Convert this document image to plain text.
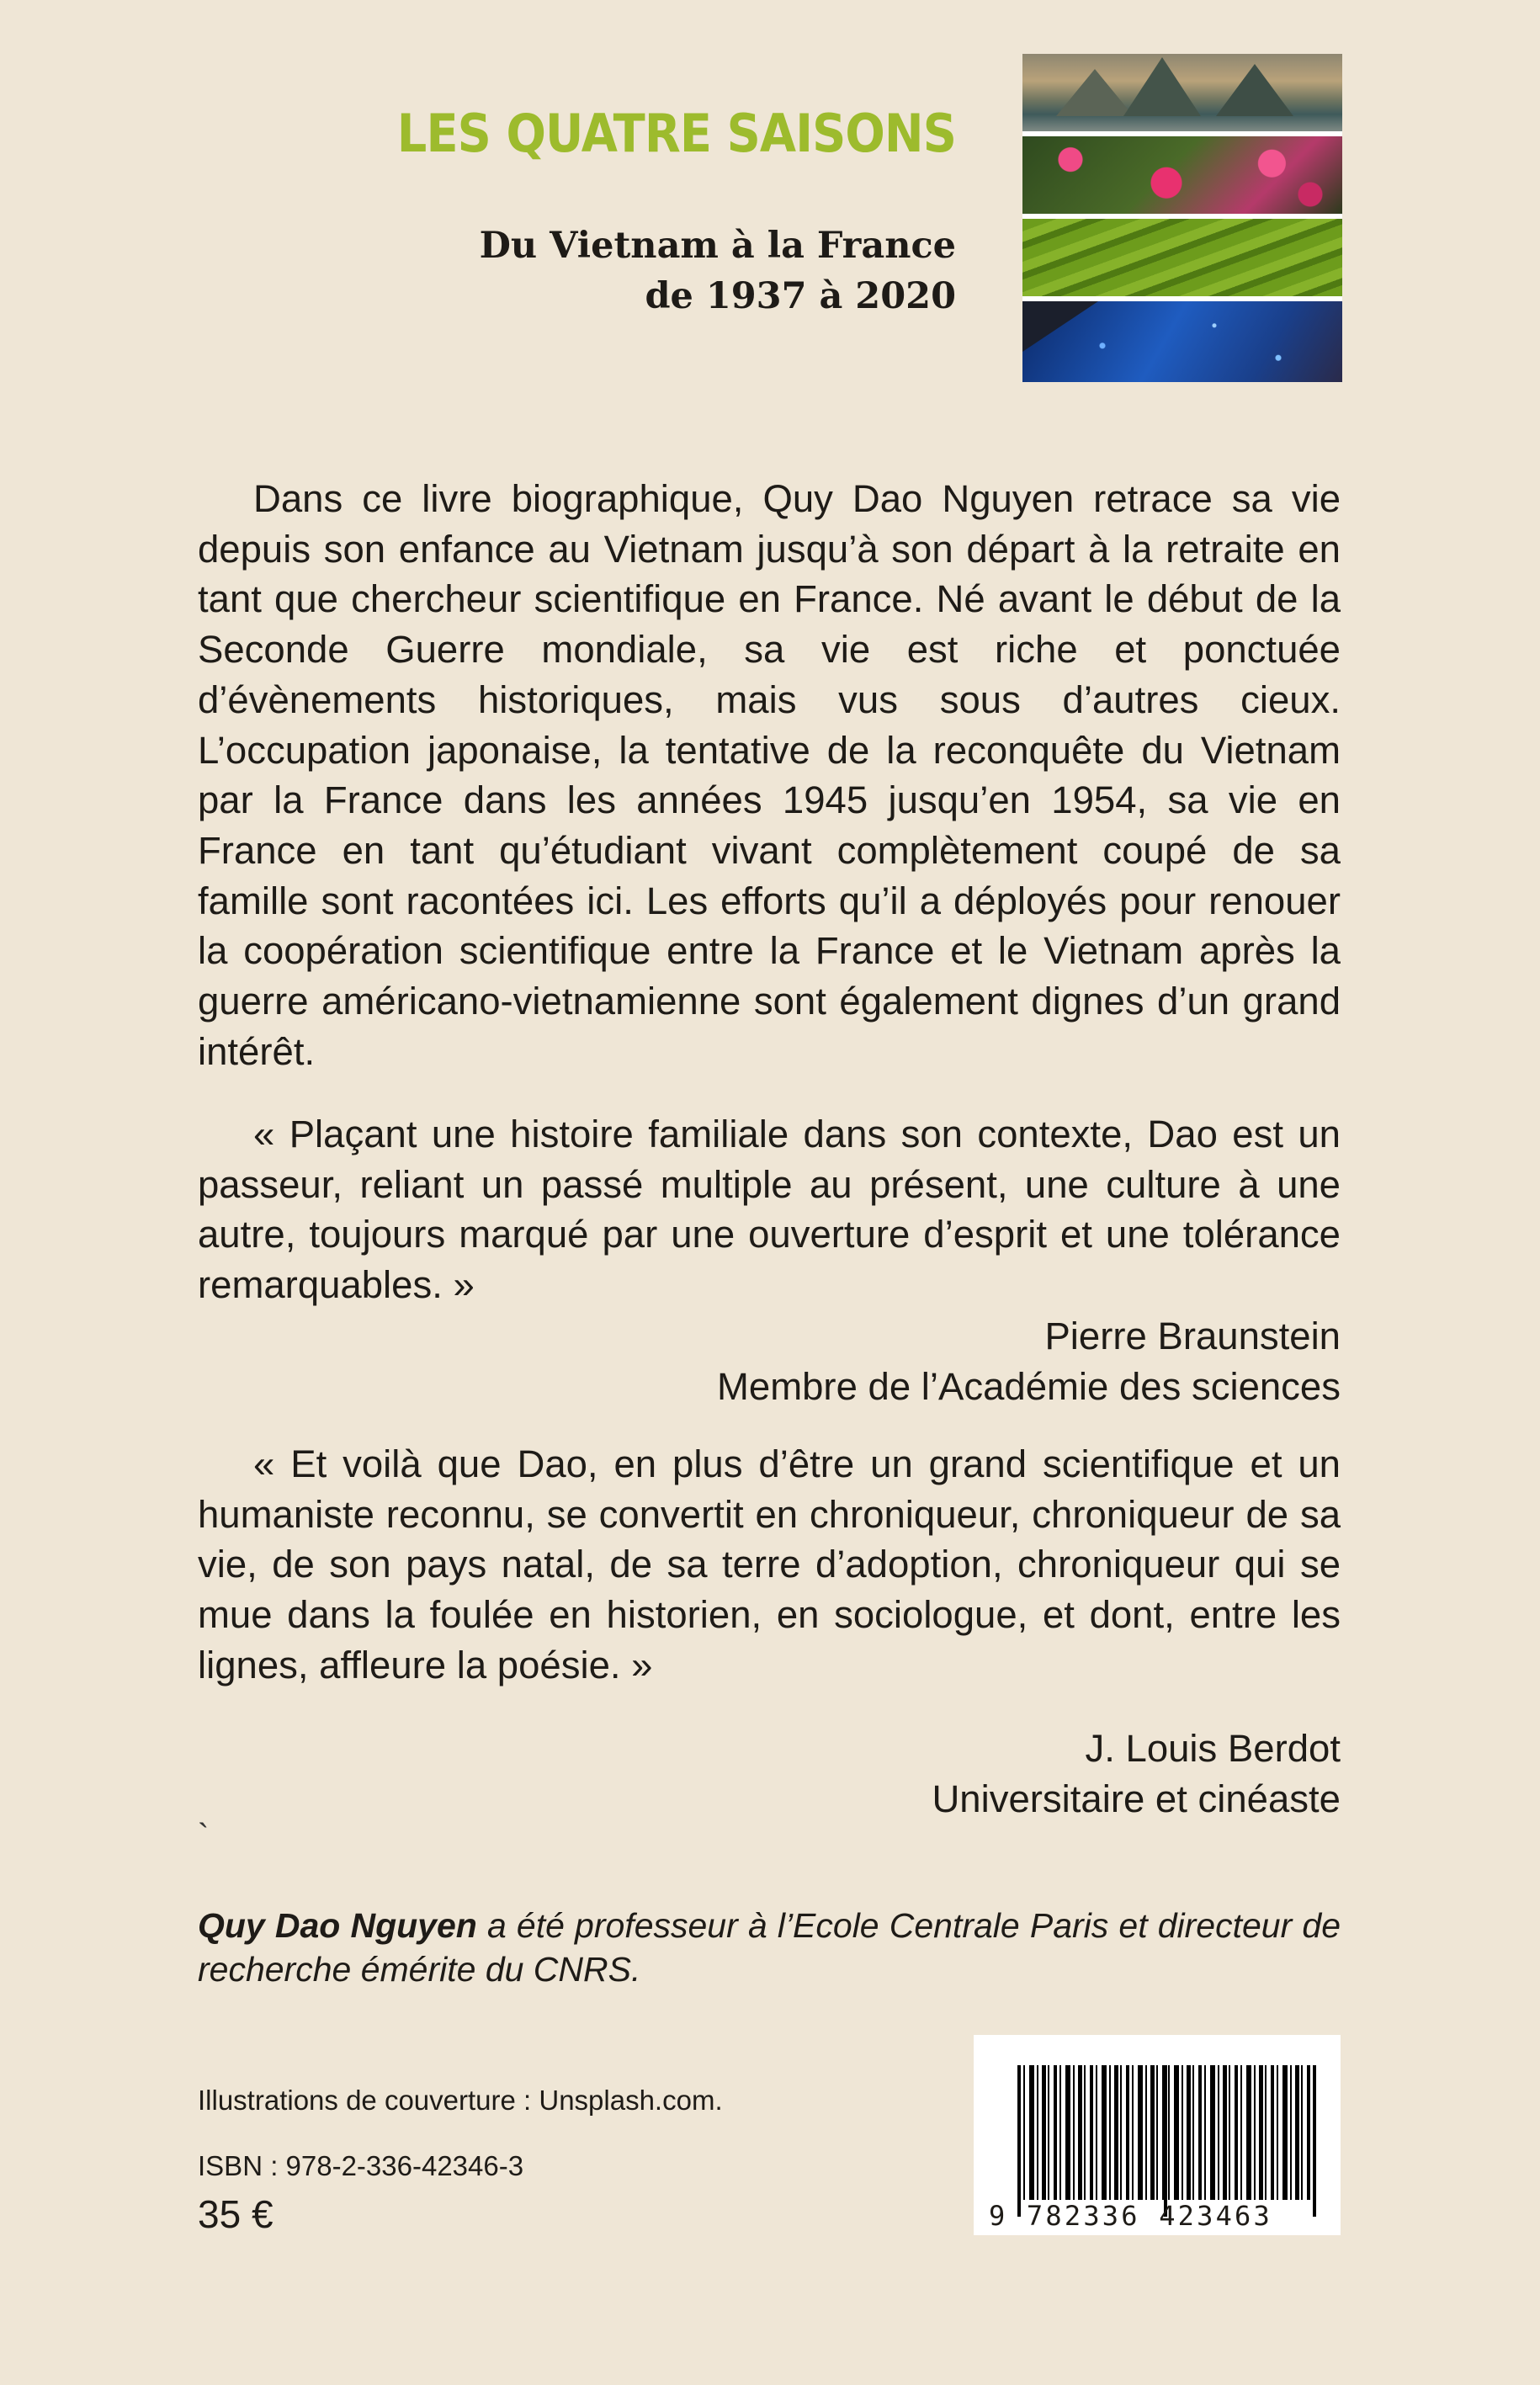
LES QUATRE SAISONS
Du Vietnam à la France
de 1937 à 2020

Dans ce livre biographique, Quy Dao Nguyen retrace sa vie depuis son enfance au Vietnam jusqu’à son départ à la retraite en tant que chercheur scientifique en France. Né avant le début de la Seconde Guerre mondiale, sa vie est riche et ponctuée d’évènements historiques, mais vus sous d’autres cieux. L’occupation japonaise, la tentative de la reconquête du Vietnam par la France dans les années 1945 jusqu’en 1954, sa vie en France en tant qu’étudiant vivant complètement coupé de sa famille sont racontées ici. Les efforts qu’il a déployés pour renouer la coopération scientifique entre la France et le Vietnam après la guerre américano-vietnamienne sont également dignes d’un grand intérêt.

« Plaçant une histoire familiale dans son contexte, Dao est un passeur, reliant un passé multiple au présent, une culture à une autre, toujours marqué par une ouverture d’esprit et une tolérance remarquables. »

Pierre Braunstein
Membre de l’Académie des sciences

« Et voilà que Dao, en plus d’être un grand scientifique et un humaniste reconnu, se convertit en chroniqueur, chroniqueur de sa vie, de son pays natal, de sa terre d’adoption, chroniqueur qui se mue dans la foulée en historien, en sociologue, et dont, entre les lignes, affleure la poésie. »

J. Louis Berdot
Universitaire et cinéaste
`

Quy Dao Nguyen a été professeur à l’Ecole Centrale Paris et directeur de recherche émérite du CNRS.

Illustrations de couverture : Unsplash.com.
ISBN : 978-2-336-42346-3
35 €	9 782336 423463
